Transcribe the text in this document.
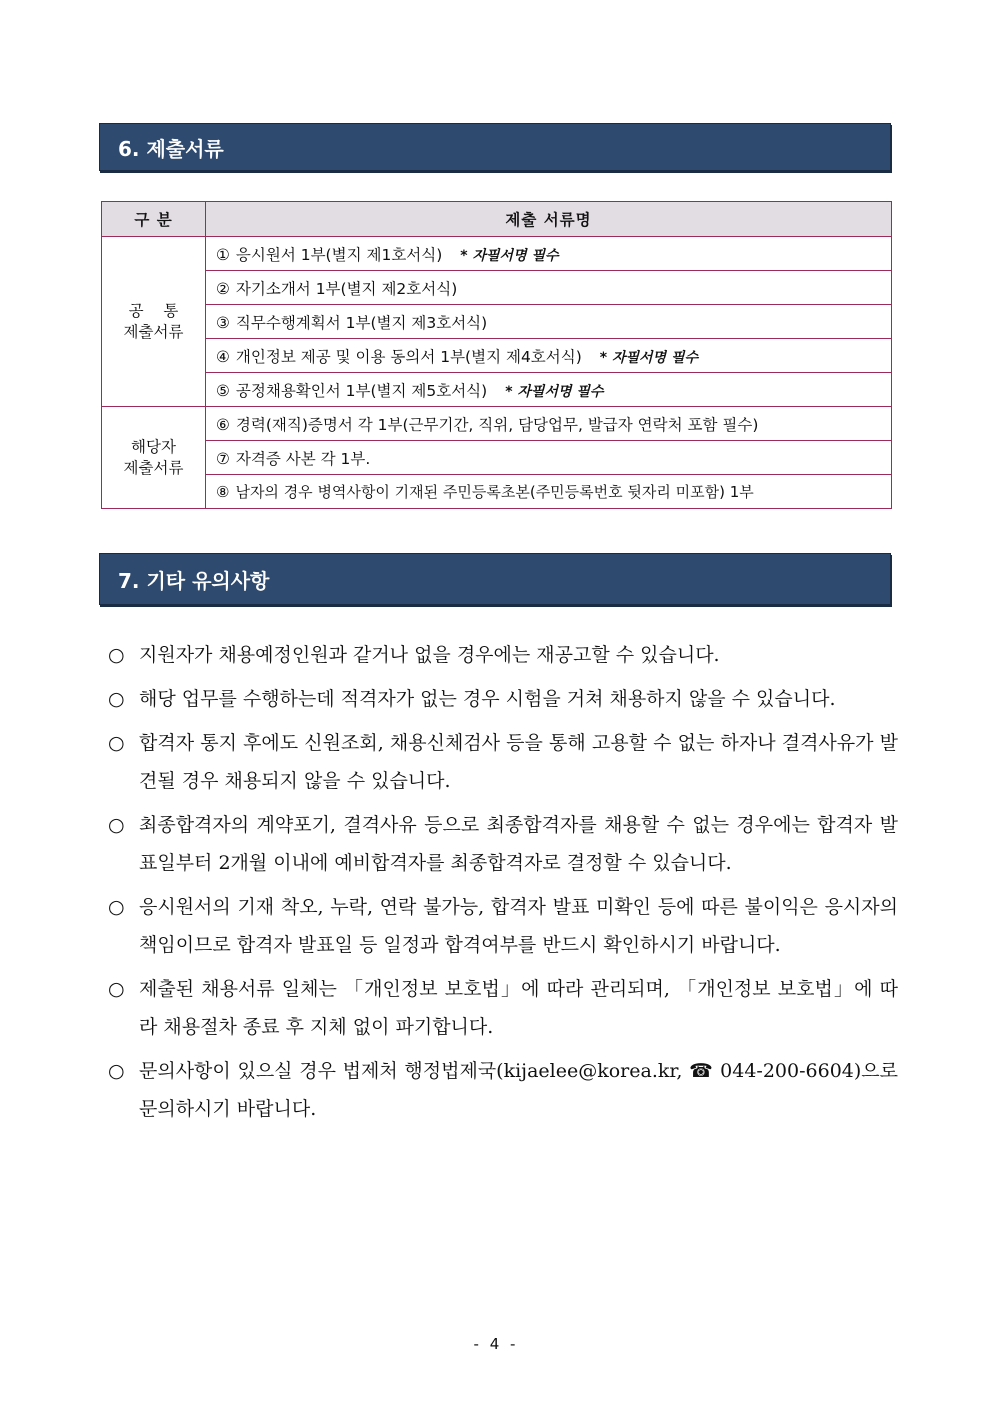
6. 제출서류
구 분	제출 서류명

공    통
제출서류	① 응시원서 1부(별지 제1호서식) * 자필서명 필수
	② 자기소개서 1부(별지 제2호서식)
	③ 직무수행계획서 1부(별지 제3호서식)
	④ 개인정보 제공 및 이용 동의서 1부(별지 제4호서식) * 자필서명 필수
	⑤ 공정채용확인서 1부(별지 제5호서식) * 자필서명 필수

해당자
제출서류	⑥ 경력(재직)증명서 각 1부(근무기간, 직위, 담당업무, 발급자 연락처 포함 필수)
	⑦ 자격증 사본 각 1부.
	⑧ 남자의 경우 병역사항이 기재된 주민등록초본(주민등록번호 뒷자리 미포함) 1부
7. 기타 유의사항
○ 지원자가 채용예정인원과 같거나 없을 경우에는 재공고할 수 있습니다.
○ 해당 업무를 수행하는데 적격자가 없는 경우 시험을 거쳐 채용하지 않을 수 있습니다.
○ 합격자 통지 후에도 신원조회, 채용신체검사 등을 통해 고용할 수 없는 하자나 결격사유가 발견될 경우 채용되지 않을 수 있습니다.
○ 최종합격자의 계약포기, 결격사유 등으로 최종합격자를 채용할 수 없는 경우에는 합격자 발표일부터 2개월 이내에 예비합격자를 최종합격자로 결정할 수 있습니다.
○ 응시원서의 기재 착오, 누락, 연락 불가능, 합격자 발표 미확인 등에 따른 불이익은 응시자의 책임이므로 합격자 발표일 등 일정과 합격여부를 반드시 확인하시기 바랍니다.
○ 제출된 채용서류 일체는 「개인정보 보호법」에 따라 관리되며, 「개인정보 보호법」에 따라 채용절차 종료 후 지체 없이 파기합니다.
○ 문의사항이 있으실 경우 법제처 행정법제국(kijaelee@korea.kr, ☎ 044-200-6604)으로 문의하시기 바랍니다.
- 4 -
